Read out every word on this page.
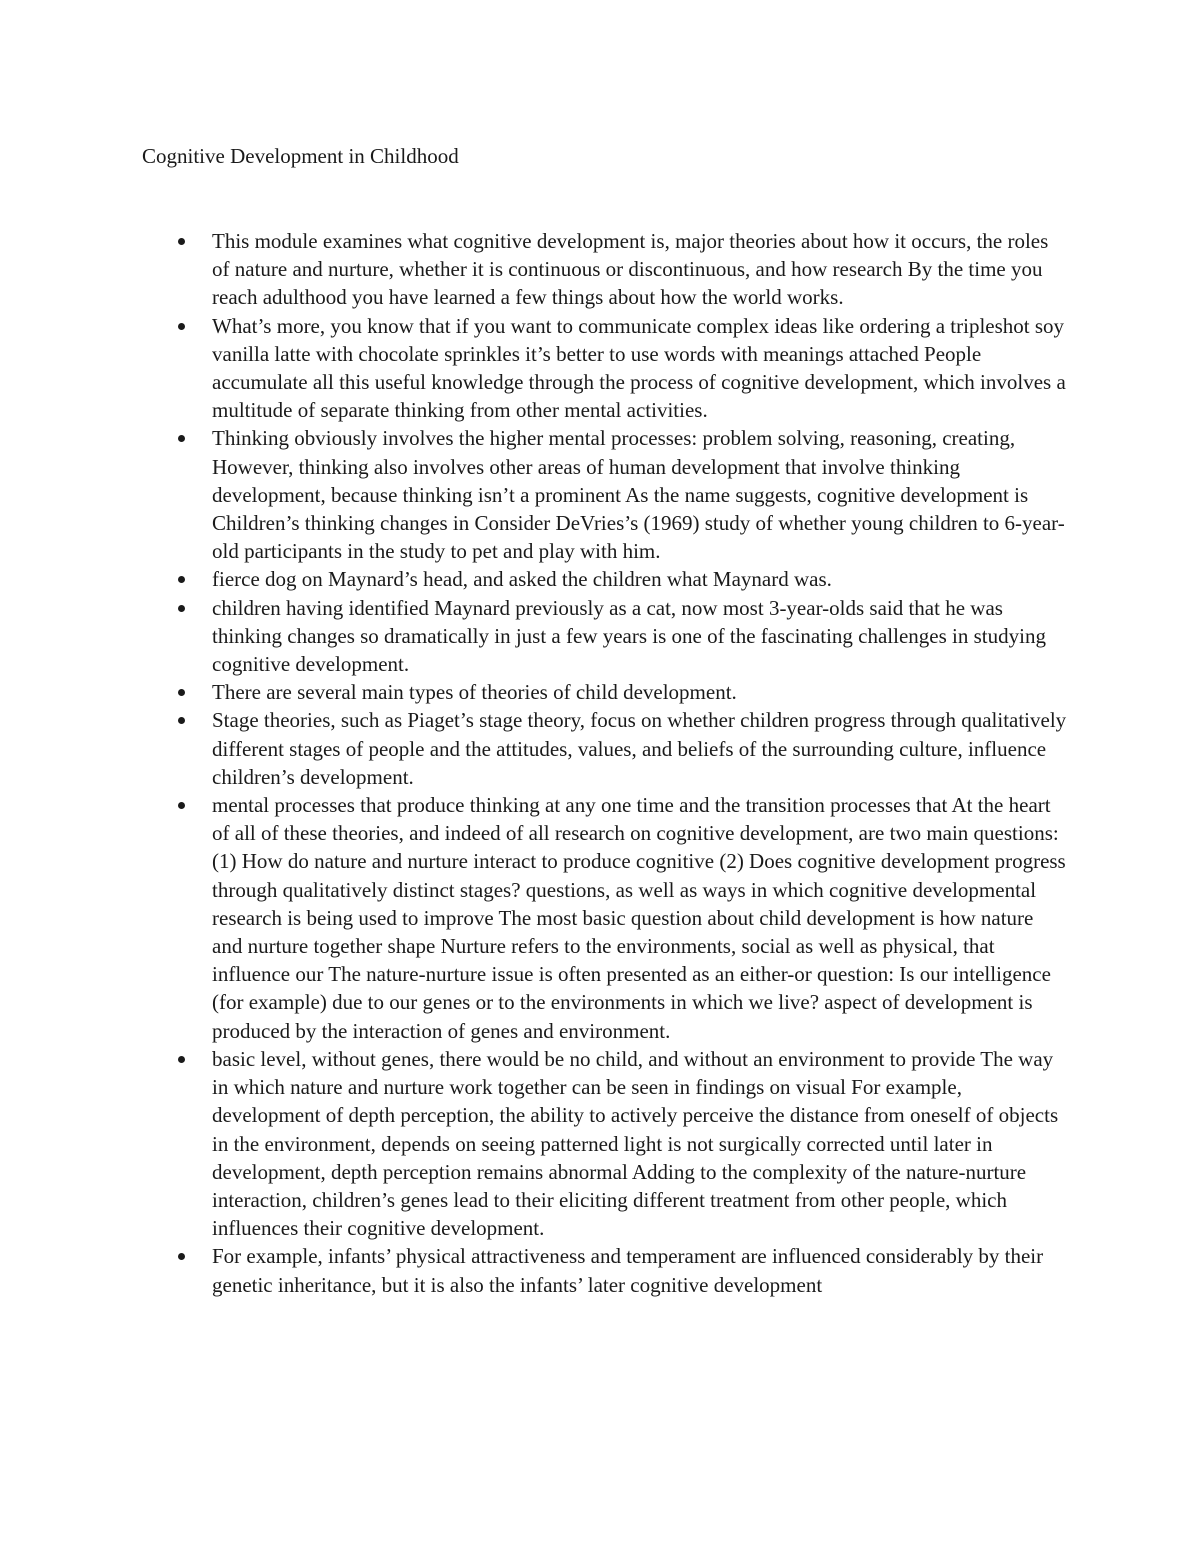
Cognitive Development in Childhood
This module examines what cognitive development is, major theories about how it occurs, the roles of nature and nurture, whether it is continuous or discontinuous, and how research By the time you reach adulthood you have learned a few things about how the world works.
What’s more, you know that if you want to communicate complex ideas like ordering a tripleshot soy vanilla latte with chocolate sprinkles it’s better to use words with meanings attached People accumulate all this useful knowledge through the process of cognitive development, which involves a multitude of separate thinking from other mental activities.
Thinking obviously involves the higher mental processes: problem solving, reasoning, creating, However, thinking also involves other areas of human development that involve thinking development, because thinking isn’t a prominent As the name suggests, cognitive development is Children’s thinking changes in Consider DeVries’s (1969) study of whether young children to 6-year-old participants in the study to pet and play with him.
fierce dog on Maynard’s head, and asked the children what Maynard was.
children having identified Maynard previously as a cat, now most 3-year-olds said that he was thinking changes so dramatically in just a few years is one of the fascinating challenges in studying cognitive development.
There are several main types of theories of child development.
Stage theories, such as Piaget’s stage theory, focus on whether children progress through qualitatively different stages of people and the attitudes, values, and beliefs of the surrounding culture, influence children’s development.
mental processes that produce thinking at any one time and the transition processes that At the heart of all of these theories, and indeed of all research on cognitive development, are two main questions: (1) How do nature and nurture interact to produce cognitive (2) Does cognitive development progress through qualitatively distinct stages? questions, as well as ways in which cognitive developmental research is being used to improve The most basic question about child development is how nature and nurture together shape Nurture refers to the environments, social as well as physical, that influence our The nature-nurture issue is often presented as an either-or question: Is our intelligence (for example) due to our genes or to the environments in which we live? aspect of development is produced by the interaction of genes and environment.
basic level, without genes, there would be no child, and without an environment to provide The way in which nature and nurture work together can be seen in findings on visual For example, development of depth perception, the ability to actively perceive the distance from oneself of objects in the environment, depends on seeing patterned light is not surgically corrected until later in development, depth perception remains abnormal Adding to the complexity of the nature-nurture interaction, children’s genes lead to their eliciting different treatment from other people, which influences their cognitive development.
For example, infants’ physical attractiveness and temperament are influenced considerably by their genetic inheritance, but it is also the infants’ later cognitive development
